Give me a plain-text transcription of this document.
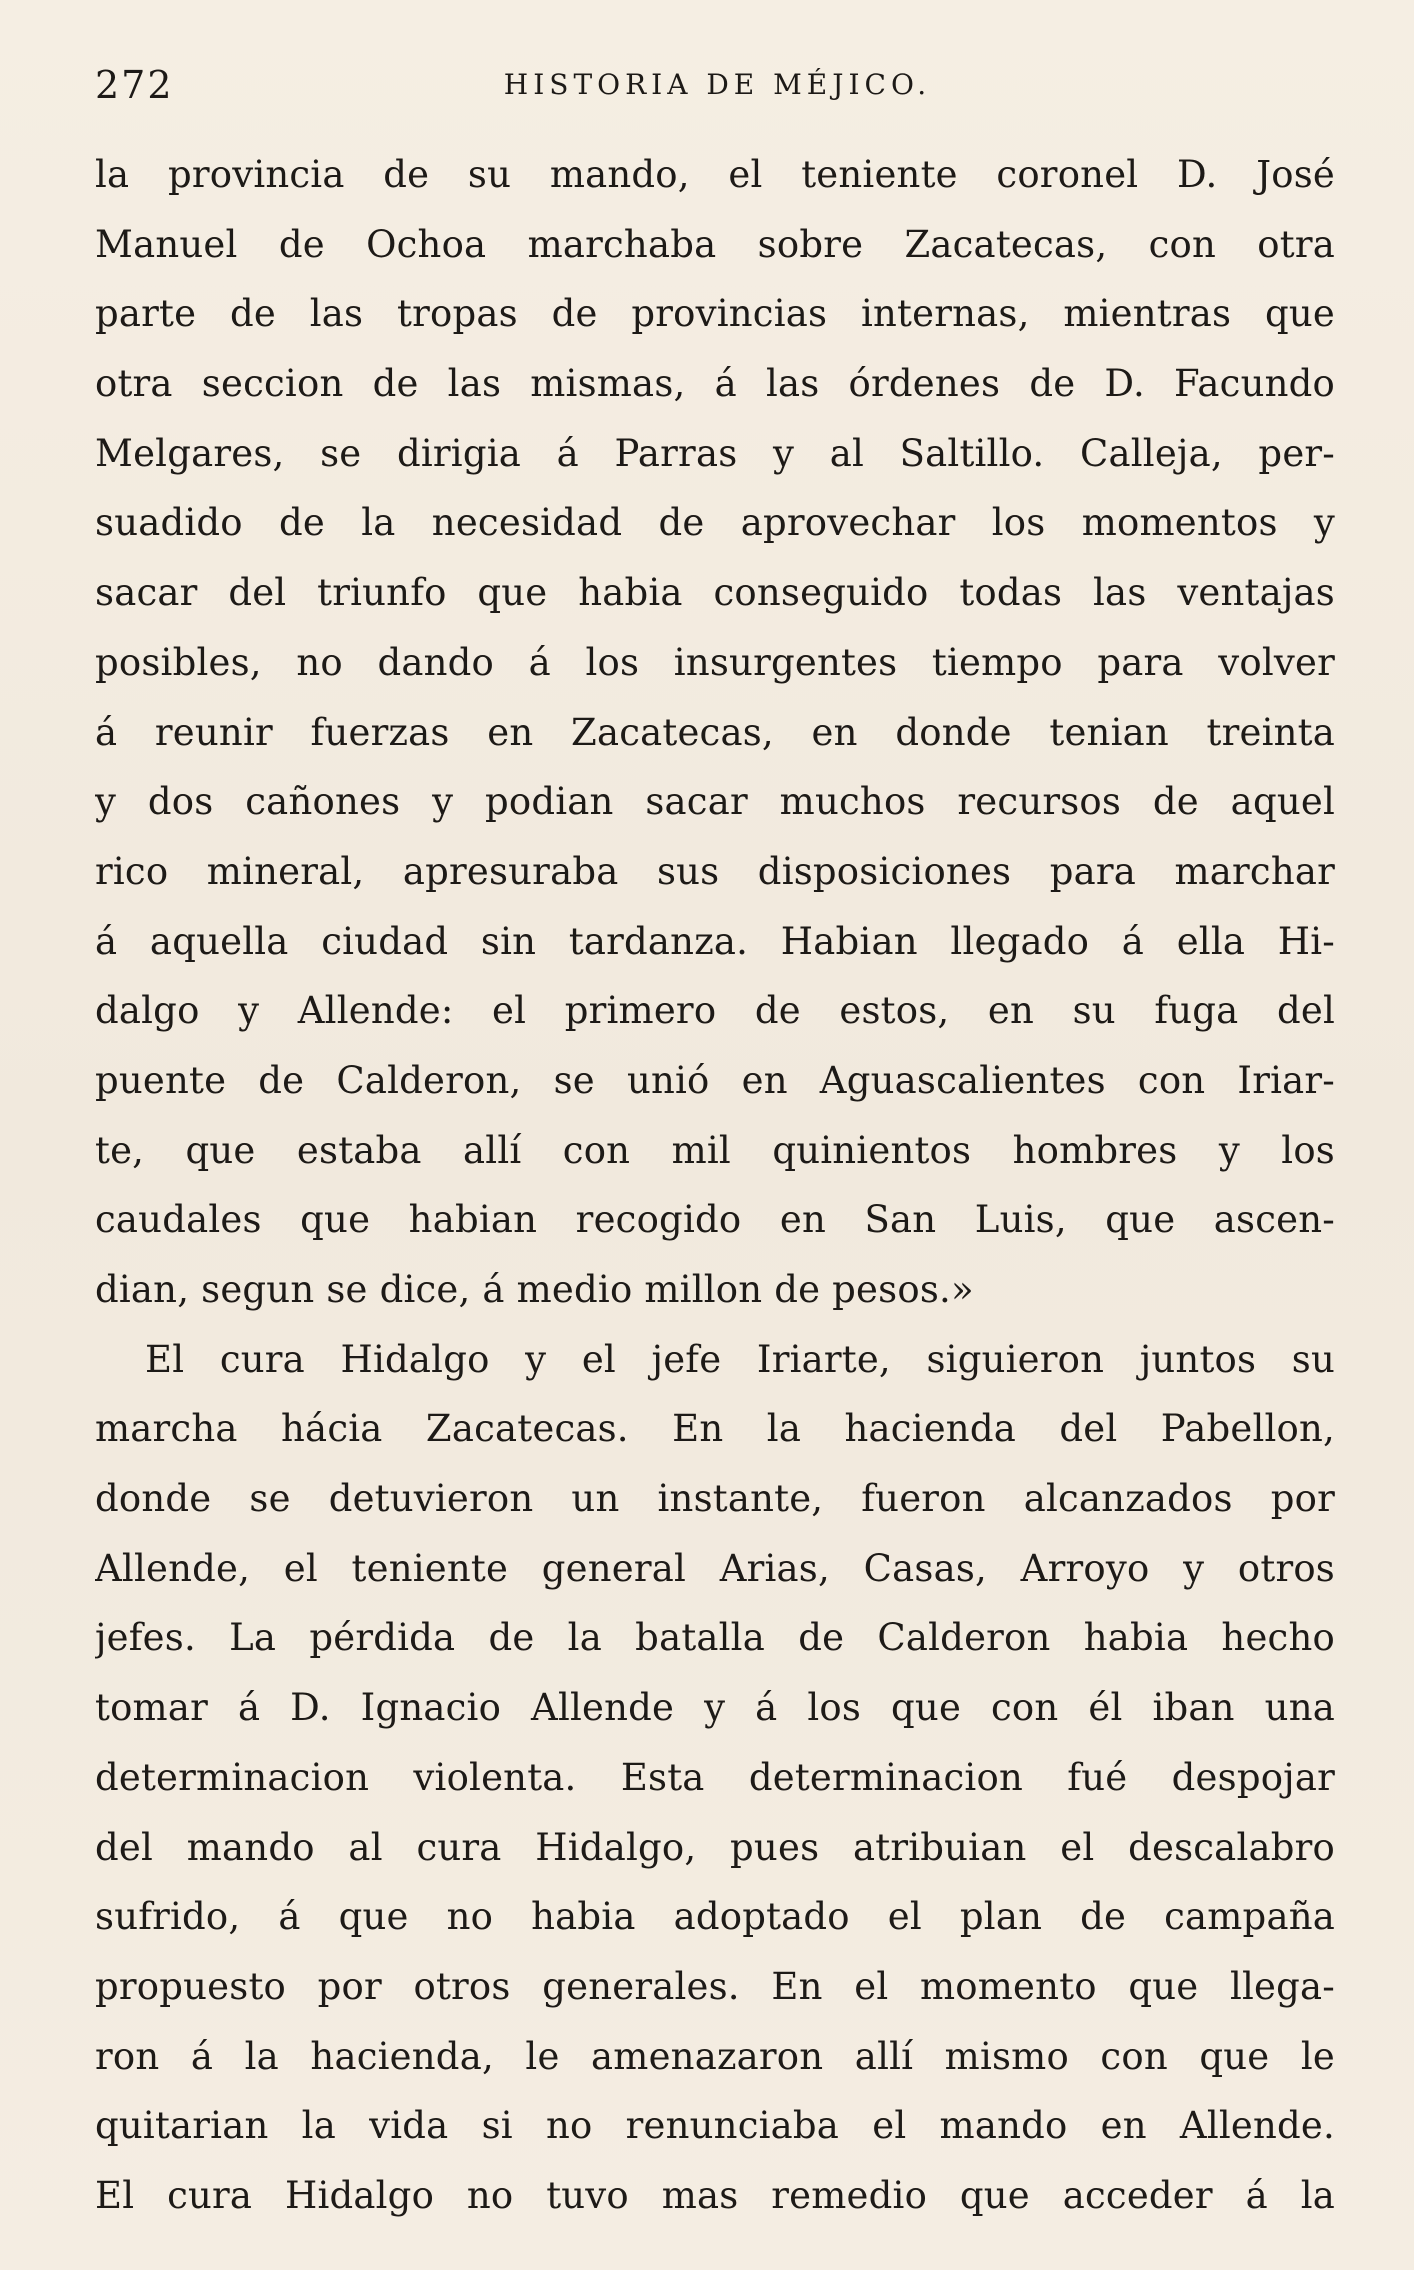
272	HISTORIA DE MÉJICO.
la provincia de su mando, el teniente coronel D. José
Manuel de Ochoa marchaba sobre Zacatecas, con otra
parte de las tropas de provincias internas, mientras que
otra seccion de las mismas, á las órdenes de D. Facundo
Melgares, se dirigia á Parras y al Saltillo. Calleja, per-
suadido de la necesidad de aprovechar los momentos y
sacar del triunfo que habia conseguido todas las ventajas
posibles, no dando á los insurgentes tiempo para volver
á reunir fuerzas en Zacatecas, en donde tenian treinta
y dos cañones y podian sacar muchos recursos de aquel
rico mineral, apresuraba sus disposiciones para marchar
á aquella ciudad sin tardanza. Habian llegado á ella Hi-
dalgo y Allende: el primero de estos, en su fuga del
puente de Calderon, se unió en Aguascalientes con Iriar-
te, que estaba allí con mil quinientos hombres y los
caudales que habian recogido en San Luis, que ascen-
dian, segun se dice, á medio millon de pesos.»
El cura Hidalgo y el jefe Iriarte, siguieron juntos su
marcha hácia Zacatecas. En la hacienda del Pabellon,
donde se detuvieron un instante, fueron alcanzados por
Allende, el teniente general Arias, Casas, Arroyo y otros
jefes. La pérdida de la batalla de Calderon habia hecho
tomar á D. Ignacio Allende y á los que con él iban una
determinacion violenta. Esta determinacion fué despojar
del mando al cura Hidalgo, pues atribuian el descalabro
sufrido, á que no habia adoptado el plan de campaña
propuesto por otros generales. En el momento que llega-
ron á la hacienda, le amenazaron allí mismo con que le
quitarian la vida si no renunciaba el mando en Allende.
El cura Hidalgo no tuvo mas remedio que acceder á la
